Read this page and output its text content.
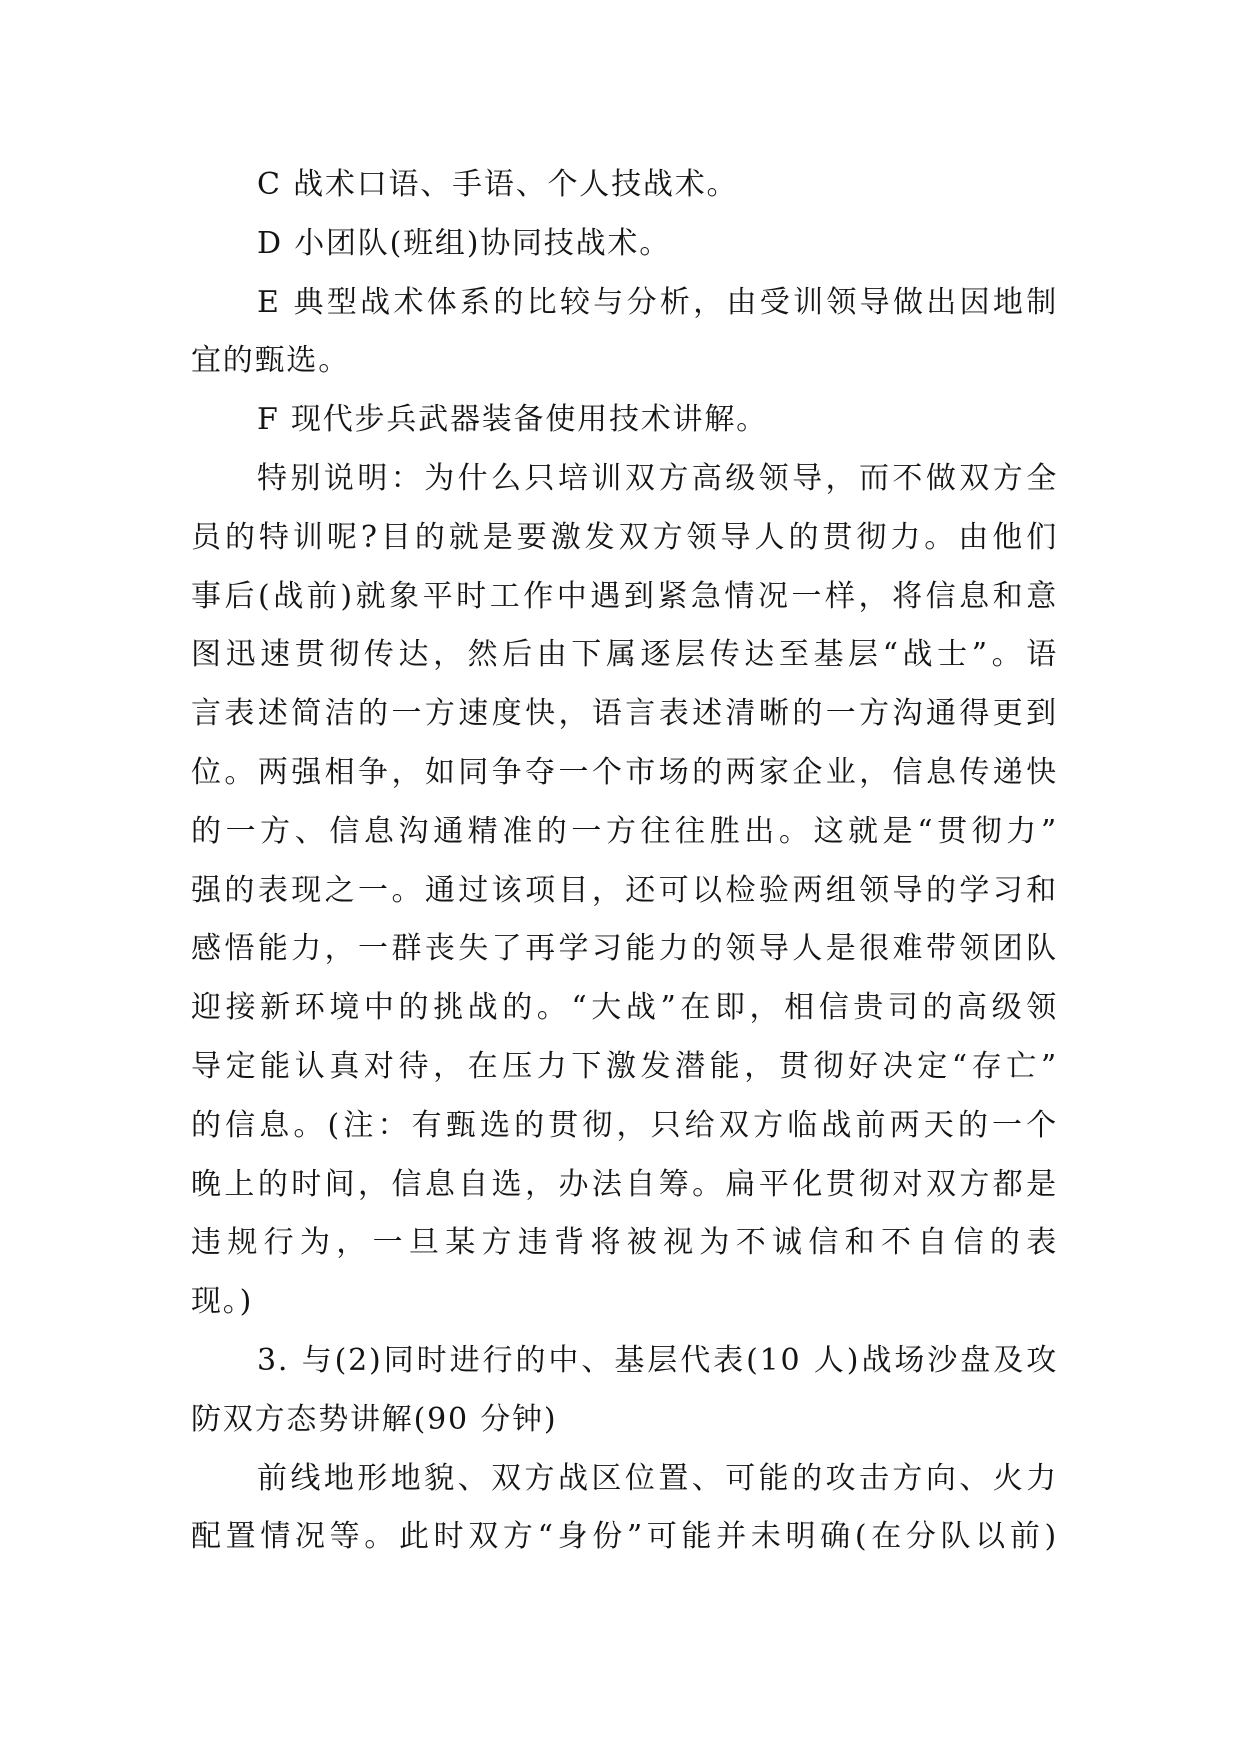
C 战术口语、手语、个人技战术。
D 小团队(班组)协同技战术。
E 典型战术体系的比较与分析，由受训领导做出因地制
宜的甄选。
F 现代步兵武器装备使用技术讲解。
特别说明：为什么只培训双方高级领导，而不做双方全
员的特训呢?目的就是要激发双方领导人的贯彻力。由他们
事后(战前)就象平时工作中遇到紧急情况一样，将信息和意
图迅速贯彻传达，然后由下属逐层传达至基层“战士”。语
言表述简洁的一方速度快，语言表述清晰的一方沟通得更到
位。两强相争，如同争夺一个市场的两家企业，信息传递快
的一方、信息沟通精准的一方往往胜出。这就是“贯彻力”
强的表现之一。通过该项目，还可以检验两组领导的学习和
感悟能力，一群丧失了再学习能力的领导人是很难带领团队
迎接新环境中的挑战的。“大战”在即，相信贵司的高级领
导定能认真对待，在压力下激发潜能，贯彻好决定“存亡”
的信息。(注：有甄选的贯彻，只给双方临战前两天的一个
晚上的时间，信息自选，办法自筹。扁平化贯彻对双方都是
违规行为，一旦某方违背将被视为不诚信和不自信的表
现。)
3. 与(2)同时进行的中、基层代表(10 人)战场沙盘及攻
防双方态势讲解(90 分钟)
前线地形地貌、双方战区位置、可能的攻击方向、火力
配置情况等。此时双方“身份”可能并未明确(在分队以前)
